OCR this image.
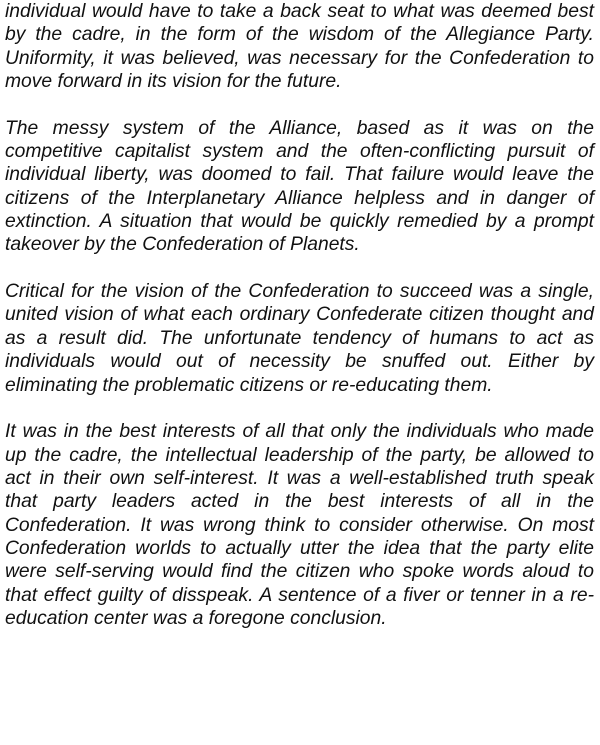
individual would have to take a back seat to what was deemed best by the cadre, in the form of the wisdom of the Allegiance Party. Uniformity, it was believed, was necessary for the Confederation to move forward in its vision for the future.

The messy system of the Alliance, based as it was on the competitive capitalist system and the often-conflicting pursuit of individual liberty, was doomed to fail. That failure would leave the citizens of the Interplanetary Alliance helpless and in danger of extinction. A situation that would be quickly remedied by a prompt takeover by the Confederation of Planets.

Critical for the vision of the Confederation to succeed was a single, united vision of what each ordinary Confederate citizen thought and as a result did. The unfortunate tendency of humans to act as individuals would out of necessity be snuffed out. Either by eliminating the problematic citizens or re-educating them.

It was in the best interests of all that only the individuals who made up the cadre, the intellectual leadership of the party, be allowed to act in their own self-interest. It was a well-established truth speak that party leaders acted in the best interests of all in the Confederation. It was wrong think to consider otherwise. On most Confederation worlds to actually utter the idea that the party elite were self-serving would find the citizen who spoke words aloud to that effect guilty of disspeak. A sentence of a fiver or tenner in a re-education center was a foregone conclusion.
